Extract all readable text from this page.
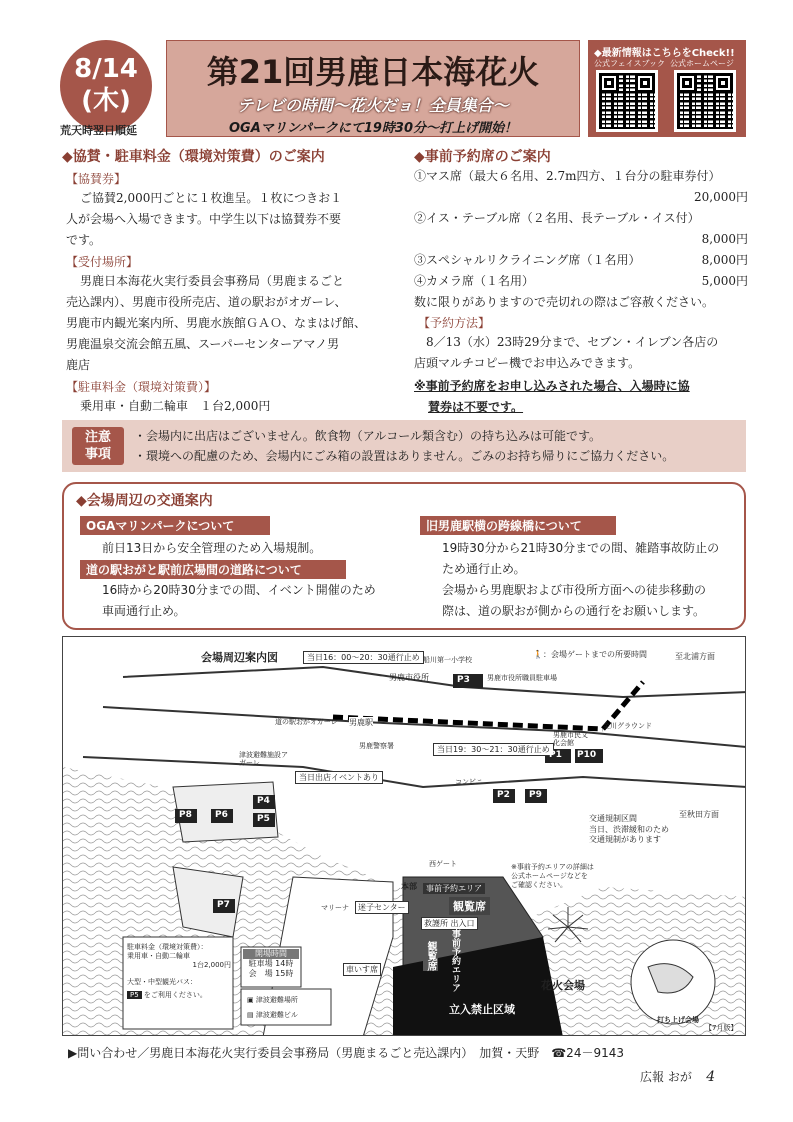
8/14
(木)
荒天時翌日順延
第21回男鹿日本海花火
テレビの時間～花火だョ！全員集合～
OGAマリンパークにて19時30分～打上げ開始！
◆最新情報はこちらをCheck!!
公式フェイスブック 公式ホームページ
◆協賛・駐車料金（環境対策費）のご案内
【協賛券】
ご協賛2,000円ごとに１枚進呈。１枚につきお１
人が会場へ入場できます。中学生以下は協賛券不要
です。
【受付場所】
男鹿日本海花火実行委員会事務局（男鹿まるごと
売込課内）、男鹿市役所売店、道の駅おがオガーレ、
男鹿市内観光案内所、男鹿水族館ＧＡＯ、なまはげ館、
男鹿温泉交流会館五風、スーパーセンターアマノ男
鹿店
【駐車料金（環境対策費）】
乗用車・自動二輪車　１台2,000円
◆事前予約席のご案内
①マス席（最大６名用、2.7m四方、１台分の駐車券付）
20,000円
②イス・テーブル席（２名用、長テーブル・イス付）
8,000円
③スペシャルリクライニング席（１名用）	8,000円
④カメラ席（１名用）	5,000円
数に限りがありますので売切れの際はご容赦ください。
【予約方法】
8／13（水）23時29分まで、セブン・イレブン各店の
店頭マルチコピー機でお申込みできます。
※事前予約席をお申し込みされた場合、入場時に協
賛券は不要です。
注意
事項
・会場内に出店はございません。飲食物（アルコール類含む）の持ち込みは可能です。
・環境への配慮のため、会場内にごみ箱の設置はありません。ごみのお持ち帰りにご協力ください。
◆会場周辺の交通案内
OGAマリンパークについて
前日13日から安全管理のため入場規制。
道の駅おがと駅前広場間の道路について
16時から20時30分までの間、イベント開催のため
車両通行止め。
旧男鹿駅横の跨線橋について
19時30分から21時30分までの間、雑踏事故防止の
ため通行止め。
会場から男鹿駅および市役所方面への徒歩移動の
際は、道の駅おが側からの通行をお願いします。
会場周辺案内図	当日16：00～20：30通行止め
当日19：30～21：30通行止め
当日出店イベントあり
🚶：会場ゲートまでの所要時間	至北浦方面
至秋田方面
交通規制区間
当日、渋滞緩和のため
交通規制があります
船川第一小学校
男鹿市役所	男鹿市役所職員駐車場
男鹿駅
道の駅おがオガーレ
男鹿警察署
男鹿市民文化会館
金川グラウンド
コンビニ
津波避難施設アガーレ
西ゲート
本部
迷子センター
マリーナ
事前予約エリア
観覧席
救護所 出入口
事前予約エリア
観覧席
車いす席
花火会場
立入禁止区域
※事前予約エリアの詳細は
公式ホームページなどを
ご確認ください。
駐車料金（環境対策費）：
乗用車・自動二輪車
1台2,000円
大型・中型観光バス：
P5 をご利用ください。
開場時間
駐車場 14時
会　場 15時
▣ 津波避難場所
▤ 津波避難ビル
打ち上げ会場
【7月版】
P3
P1 P10
P2 P9
P4
P5
P6
P8
P7
▶問い合わせ／男鹿日本海花火実行委員会事務局（男鹿まるごと売込課内）　加賀・天野　☎24－9143
広報 おが 4
